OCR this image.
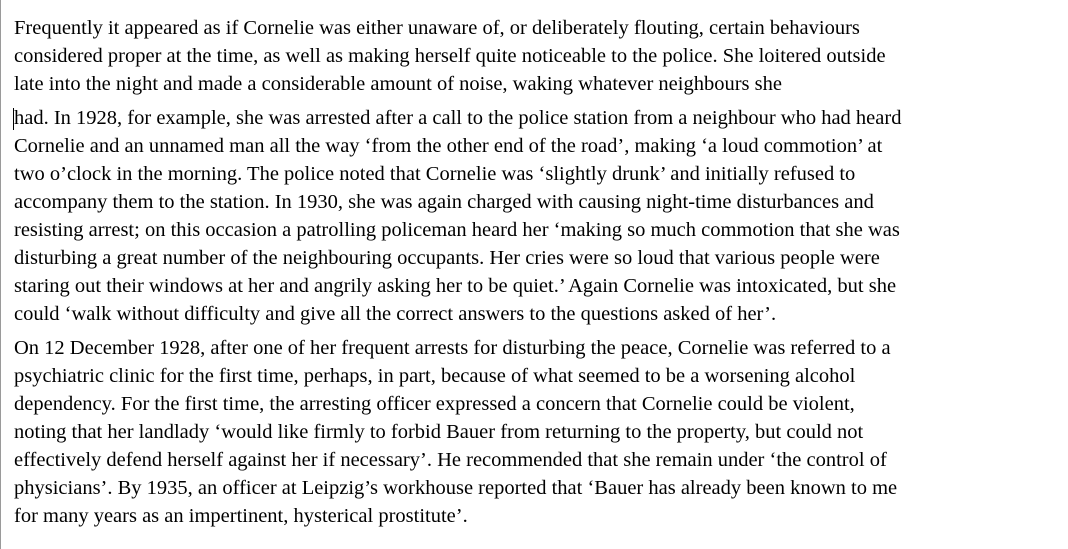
Frequently it appeared as if Cornelie was either unaware of, or deliberately flouting, certain behaviours
considered proper at the time, as well as making herself quite noticeable to the police. She loitered outside
late into the night and made a considerable amount of noise, waking whatever neighbours she

had. In 1928, for example, she was arrested after a call to the police station from a neighbour who had heard
Cornelie and an unnamed man all the way ‘from the other end of the road’, making ‘a loud commotion’ at
two o’clock in the morning. The police noted that Cornelie was ‘slightly drunk’ and initially refused to
accompany them to the station. In 1930, she was again charged with causing night-time disturbances and
resisting arrest; on this occasion a patrolling policeman heard her ‘making so much commotion that she was
disturbing a great number of the neighbouring occupants. Her cries were so loud that various people were
staring out their windows at her and angrily asking her to be quiet.’ Again Cornelie was intoxicated, but she
could ‘walk without difficulty and give all the correct answers to the questions asked of her’.

On 12 December 1928, after one of her frequent arrests for disturbing the peace, Cornelie was referred to a
psychiatric clinic for the first time, perhaps, in part, because of what seemed to be a worsening alcohol
dependency. For the first time, the arresting officer expressed a concern that Cornelie could be violent,
noting that her landlady ‘would like firmly to forbid Bauer from returning to the property, but could not
effectively defend herself against her if necessary’. He recommended that she remain under ‘the control of
physicians’. By 1935, an officer at Leipzig’s workhouse reported that ‘Bauer has already been known to me
for many years as an impertinent, hysterical prostitute’.
